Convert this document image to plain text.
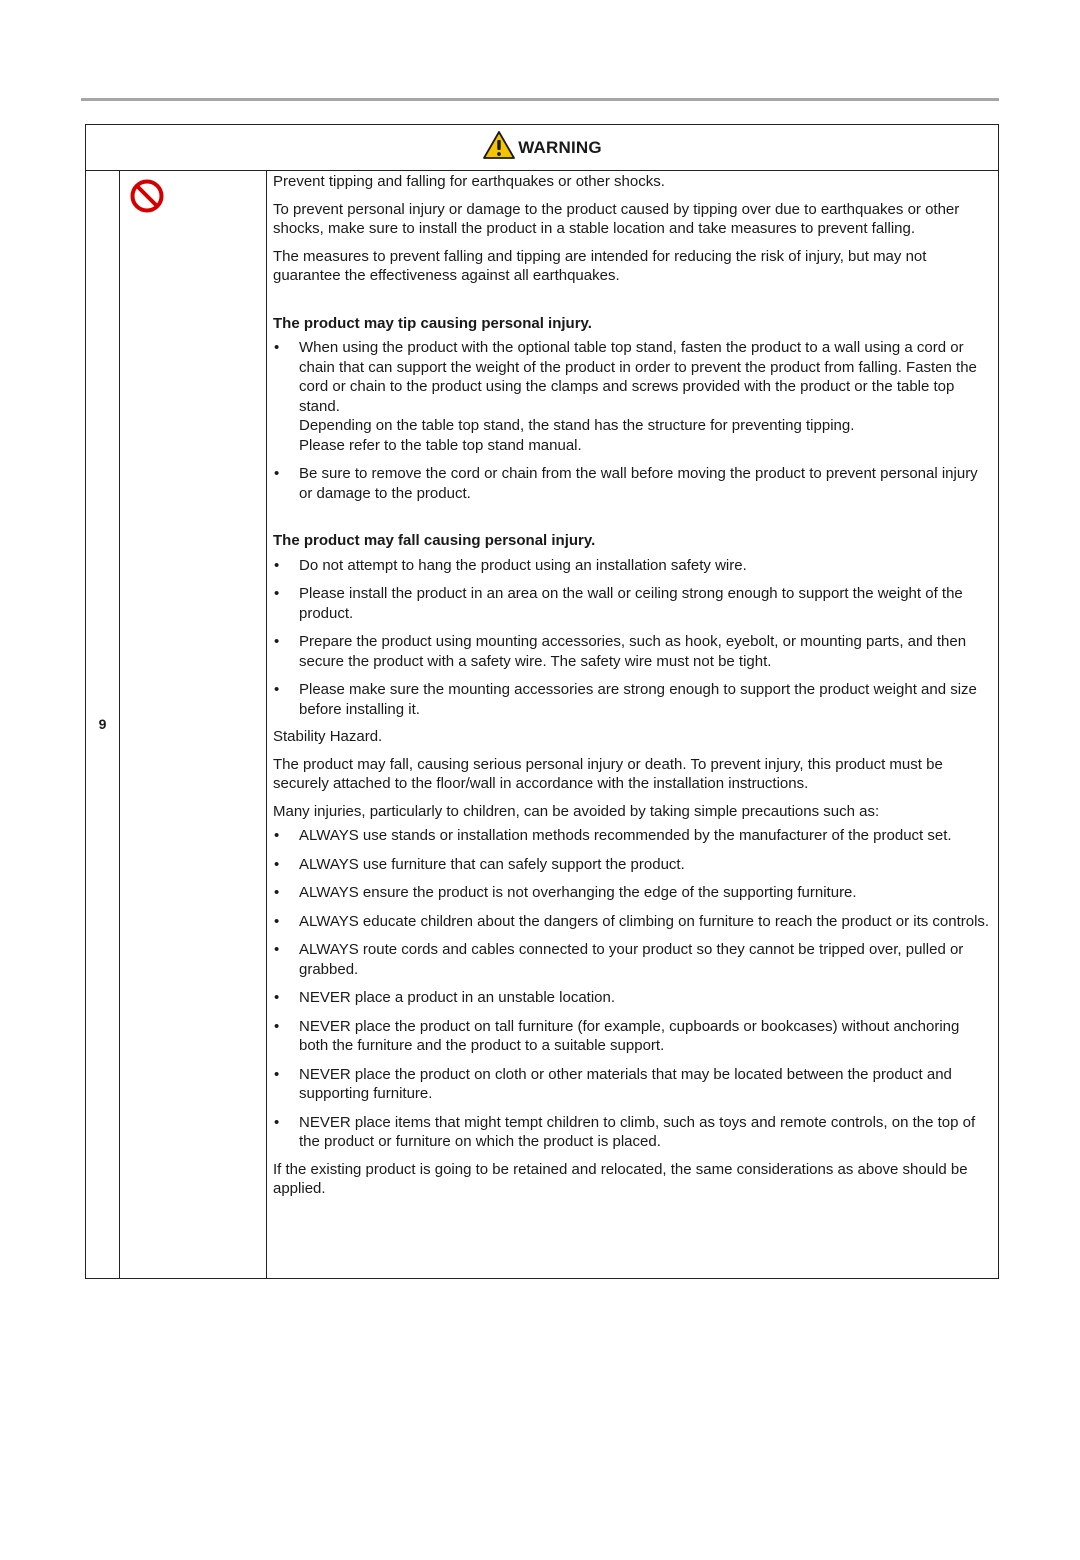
WARNING
9

Prevent tipping and falling for earthquakes or other shocks.

To prevent personal injury or damage to the product caused by tipping over due to earthquakes or other shocks, make sure to install the product in a stable location and take measures to prevent falling.

The measures to prevent falling and tipping are intended for reducing the risk of injury, but may not guarantee the effectiveness against all earthquakes.

The product may tip causing personal injury.

• When using the product with the optional table top stand, fasten the product to a wall using a cord or chain that can support the weight of the product in order to prevent the product from falling. Fasten the cord or chain to the product using the clamps and screws provided with the product or the table top stand.
Depending on the table top stand, the stand has the structure for preventing tipping.
Please refer to the table top stand manual.
• Be sure to remove the cord or chain from the wall before moving the product to prevent personal injury or damage to the product.

The product may fall causing personal injury.

• Do not attempt to hang the product using an installation safety wire.
• Please install the product in an area on the wall or ceiling strong enough to support the weight of the product.
• Prepare the product using mounting accessories, such as hook, eyebolt, or mounting parts, and then secure the product with a safety wire. The safety wire must not be tight.
• Please make sure the mounting accessories are strong enough to support the product weight and size before installing it.

Stability Hazard.

The product may fall, causing serious personal injury or death. To prevent injury, this product must be securely attached to the floor/wall in accordance with the installation instructions.

Many injuries, particularly to children, can be avoided by taking simple precautions such as:

• ALWAYS use stands or installation methods recommended by the manufacturer of the product set.
• ALWAYS use furniture that can safely support the product.
• ALWAYS ensure the product is not overhanging the edge of the supporting furniture.
• ALWAYS educate children about the dangers of climbing on furniture to reach the product or its controls.
• ALWAYS route cords and cables connected to your product so they cannot be tripped over, pulled or grabbed.
• NEVER place a product in an unstable location.
• NEVER place the product on tall furniture (for example, cupboards or bookcases) without anchoring both the furniture and the product to a suitable support.
• NEVER place the product on cloth or other materials that may be located between the product and supporting furniture.
• NEVER place items that might tempt children to climb, such as toys and remote controls, on the top of the product or furniture on which the product is placed.

If the existing product is going to be retained and relocated, the same considerations as above should be applied.
